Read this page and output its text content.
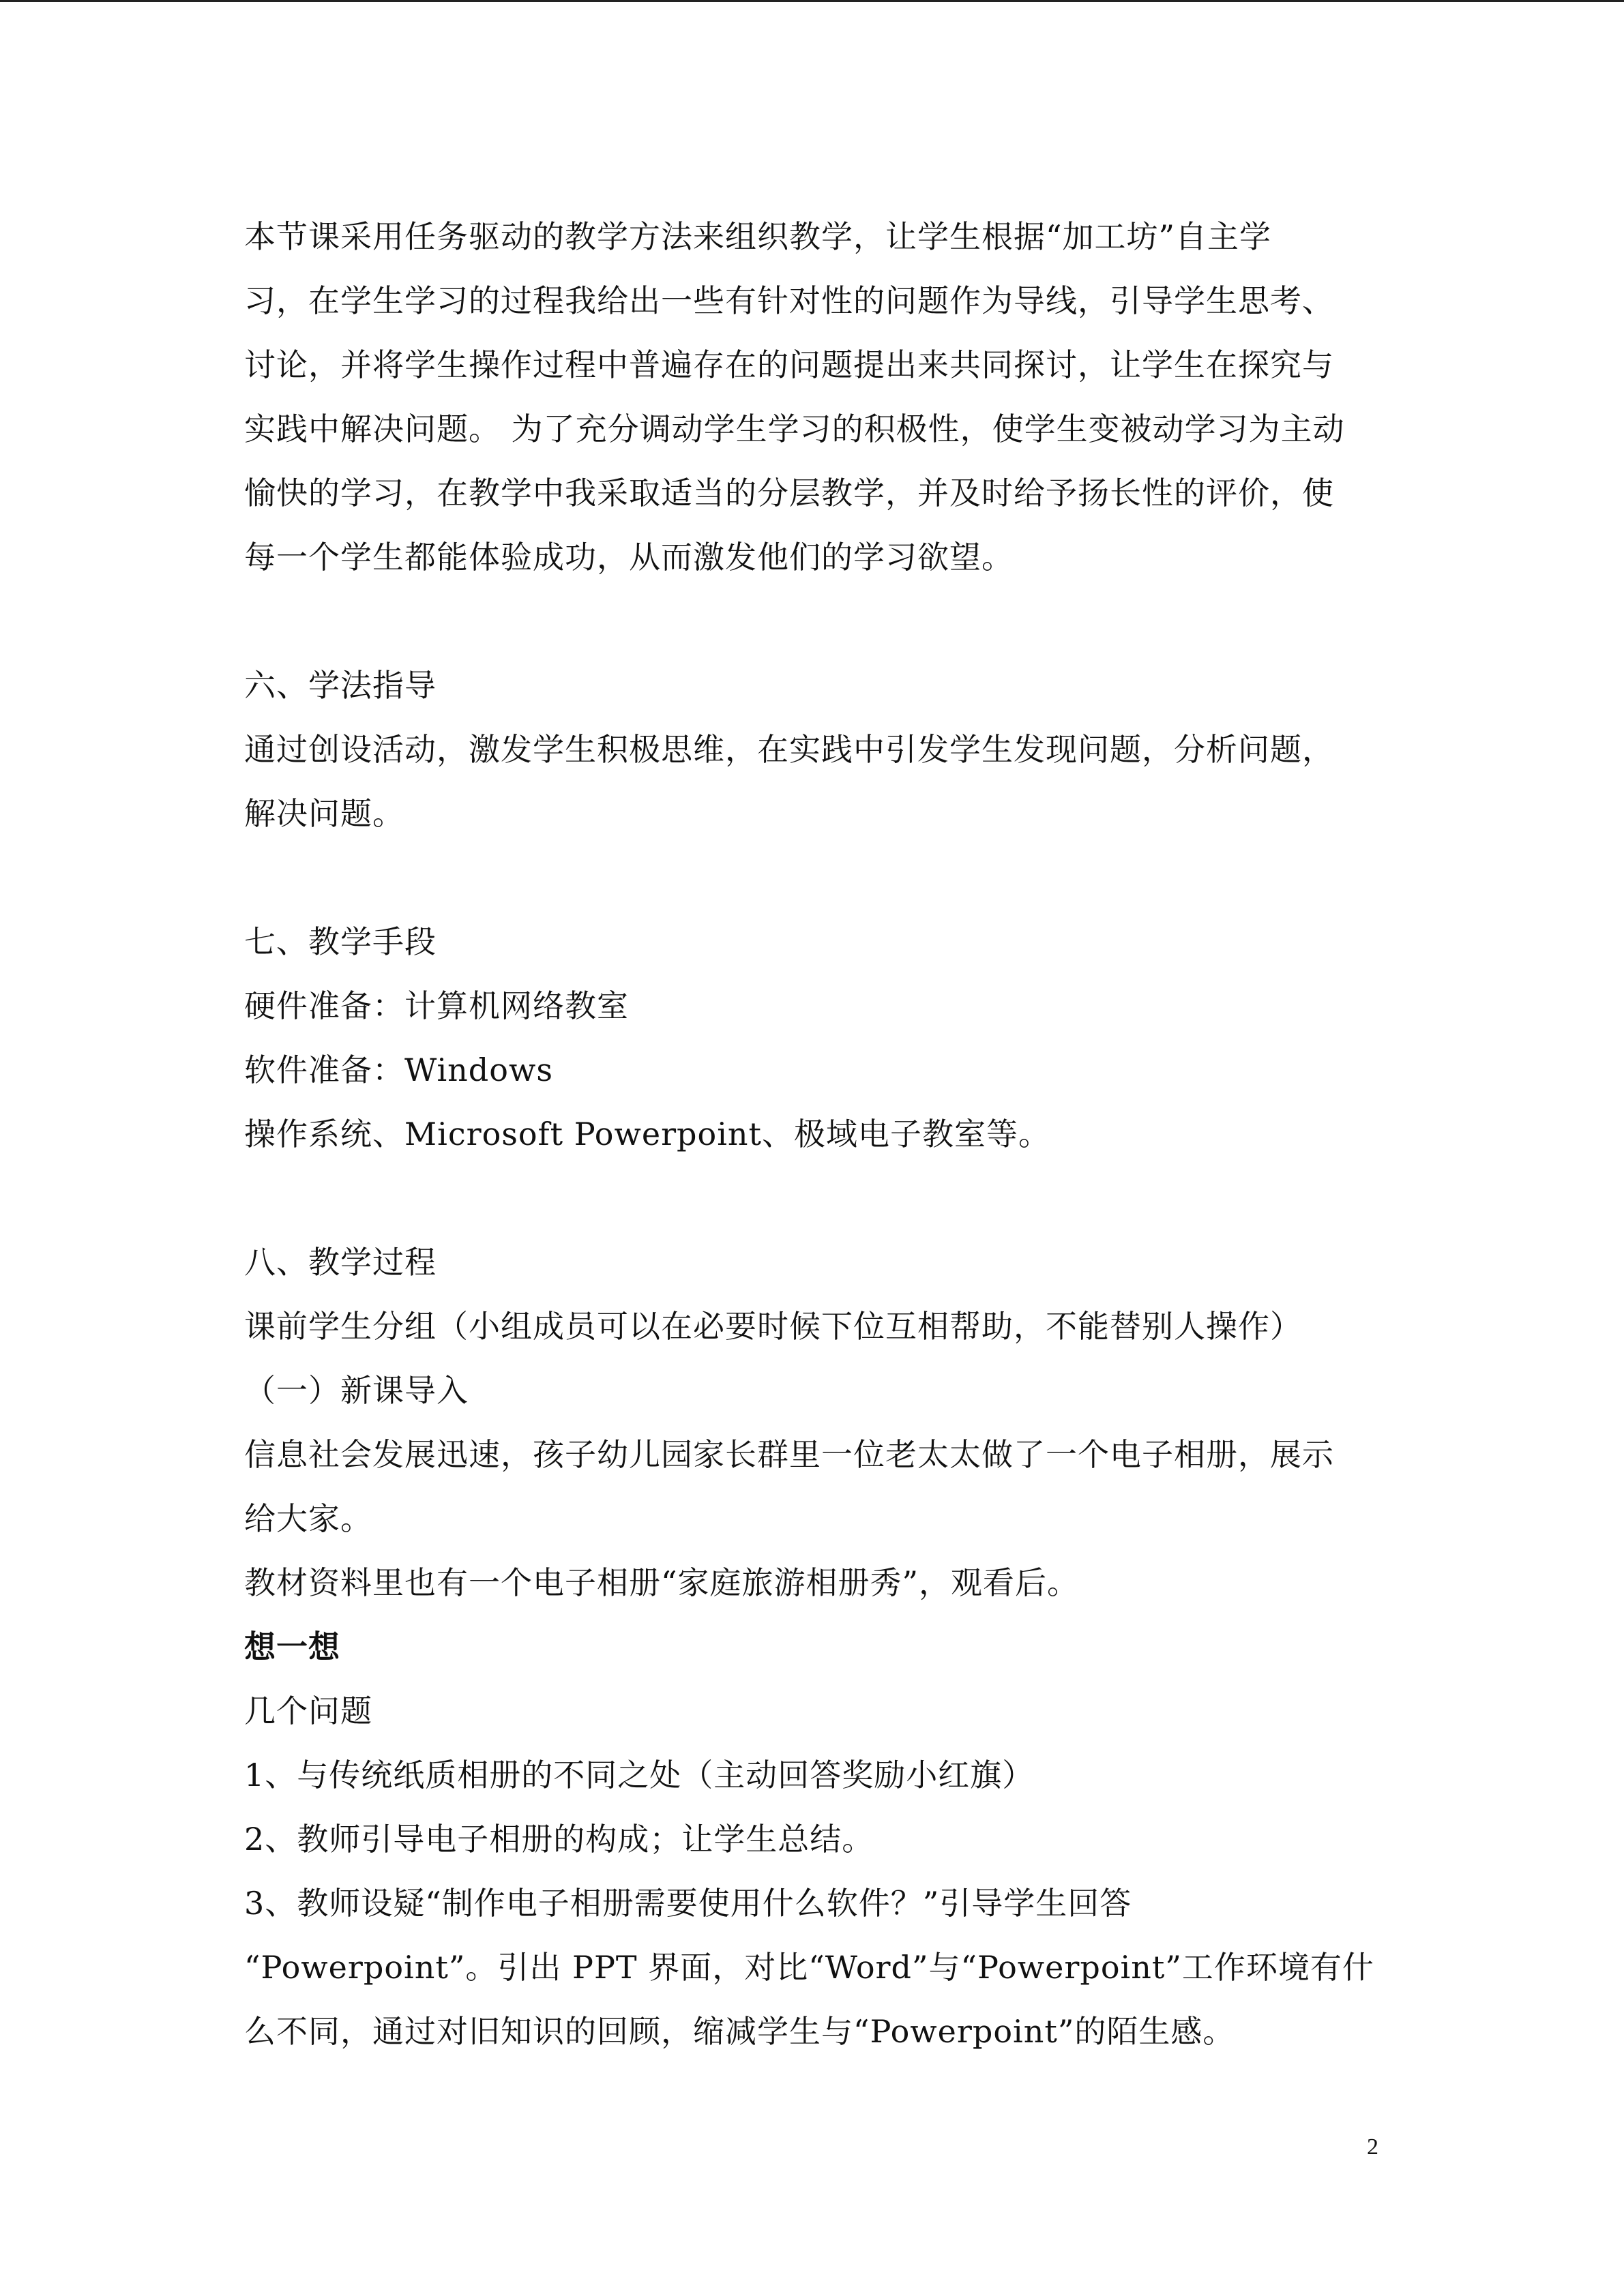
本节课采用任务驱动的教学方法来组织教学，让学生根据“加工坊”自主学
习，在学生学习的过程我给出一些有针对性的问题作为导线，引导学生思考、
讨论，并将学生操作过程中普遍存在的问题提出来共同探讨，让学生在探究与
实践中解决问题。 为了充分调动学生学习的积极性，使学生变被动学习为主动
愉快的学习，在教学中我采取适当的分层教学，并及时给予扬长性的评价，使
每一个学生都能体验成功，从而激发他们的学习欲望。
六、学法指导
通过创设活动，激发学生积极思维，在实践中引发学生发现问题，分析问题，
解决问题。
七、教学手段
硬件准备：计算机网络教室
软件准备：Windows
操作系统、Microsoft Powerpoint、极域电子教室等。
八、教学过程
课前学生分组（小组成员可以在必要时候下位互相帮助，不能替别人操作）
（一）新课导入
信息社会发展迅速，孩子幼儿园家长群里一位老太太做了一个电子相册，展示
给大家。
教材资料里也有一个电子相册“家庭旅游相册秀”，观看后。
想一想
几个问题
1、与传统纸质相册的不同之处（主动回答奖励小红旗）
2、教师引导电子相册的构成；让学生总结。
3、教师设疑“制作电子相册需要使用什么软件？”引导学生回答
“Powerpoint”。引出 PPT 界面，对比“Word”与“Powerpoint”工作环境有什
么不同，通过对旧知识的回顾，缩减学生与“Powerpoint”的陌生感。
2
